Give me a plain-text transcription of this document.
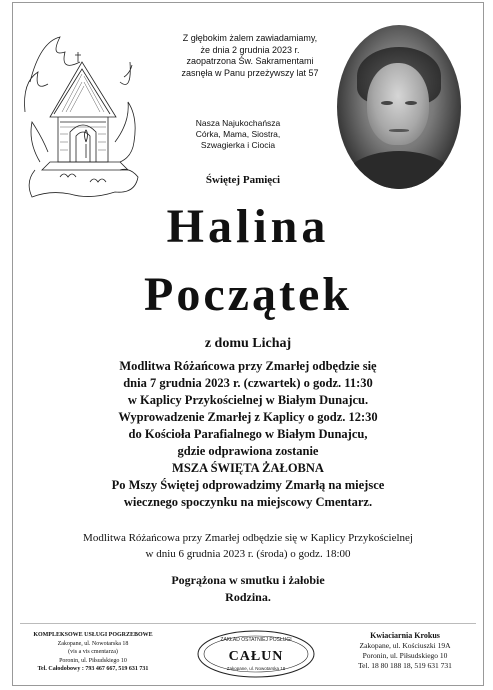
Z głębokim żalem zawiadamiamy,
że dnia 2 grudnia 2023 r.
zaopatrzona Św. Sakramentami
zasnęła w Panu przeżywszy lat 57
Nasza Najukochańsza
Córka, Mama, Siostra,
Szwagierka i Ciocia
Świętej Pamięci
Halina
Początek
z domu Lichaj
Modlitwa Różańcowa przy Zmarłej odbędzie się
dnia 7 grudnia 2023 r. (czwartek) o godz. 11:30
w Kaplicy Przykościelnej w Białym Dunajcu.
Wyprowadzenie Zmarłej z Kaplicy o godz. 12:30
do Kościoła Parafialnego w Białym Dunajcu,
gdzie odprawiona zostanie
MSZA ŚWIĘTA ŻAŁOBNA
Po Mszy Świętej odprowadzimy Zmarłą na miejsce
wiecznego spoczynku na miejscowy Cmentarz.
Modlitwa Różańcowa przy Zmarłej odbędzie się w Kaplicy Przykościelnej
w dniu 6 grudnia 2023 r. (środa) o godz. 18:00
Pogrążona w smutku i żałobie
Rodzina.
KOMPLEKSOWE USŁUGI POGRZEBOWE
Zakopane, ul. Nowotarska 18
(vis a vis cmentarza)
Poronin, ul. Piłsudskiego 10
Tel. Całodobowy : 793 467 667, 519 631 731
ZAKŁAD OSTATNIEJ POSŁUGI
CAŁUN
Zakopane, ul. Nowotarska 18
Kwiaciarnia Krokus
Zakopane, ul. Kościuszki 19A
Poronin, ul. Piłsudskiego 10
Tel. 18 80 188 18, 519 631 731
